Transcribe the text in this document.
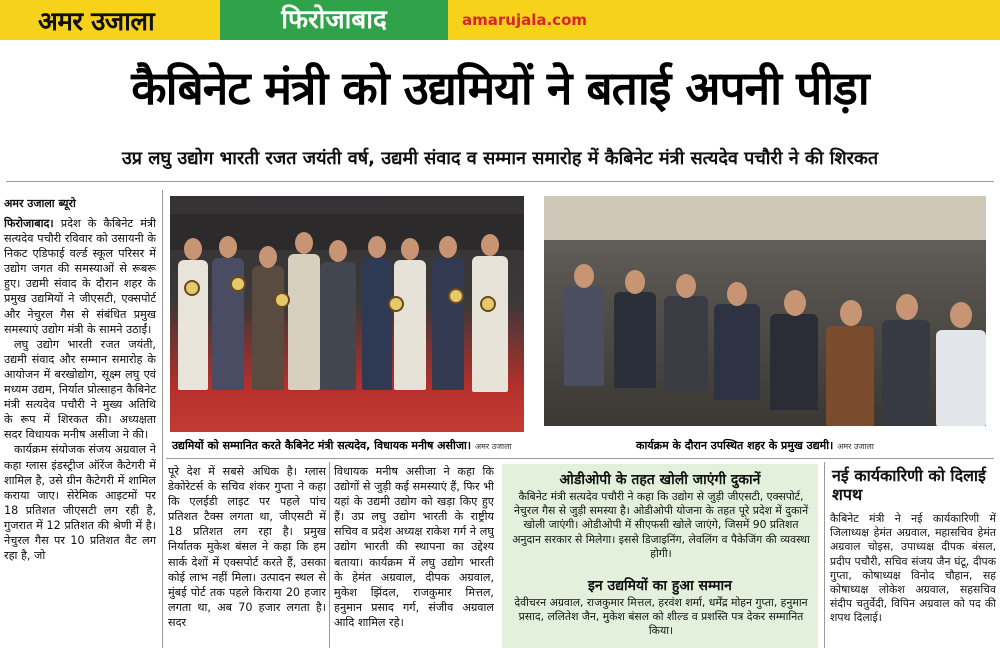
अमर उजाला	फिरोजाबाद	amarujala.com
कैबिनेट मंत्री को उद्यमियों ने बताई अपनी पीड़ा
उप्र लघु उद्योग भारती रजत जयंती वर्ष, उद्यमी संवाद व सम्मान समारोह में कैबिनेट मंत्री सत्यदेव पचौरी ने की शिरकत
अमर उजाला ब्यूरो

फिरोजाबाद। प्रदेश के कैबिनेट मंत्री सत्यदेव पचौरी रविवार को उसायनी के निकट एडिफाई वर्ल्ड स्कूल परिसर में उद्योग जगत की समस्याओं से रूबरू हुए। उद्यमी संवाद के दौरान शहर के प्रमुख उद्यमियों ने जीएसटी, एक्सपोर्ट और नेचुरल गैस से संबंधित प्रमुख समस्याएं उद्योग मंत्री के सामने उठाईं।

लघु उद्योग भारती रजत जयंती, उद्यमी संवाद और सम्मान समारोह के आयोजन में बरखोद्योग, सूक्ष्म लघु एवं मध्यम उद्यम, निर्यात प्रोत्साहन कैबिनेट मंत्री सत्यदेव पचौरी ने मुख्य अतिथि के रूप में शिरकत की। अध्यक्षता सदर विधायक मनीष असीजा ने की।

कार्यक्रम संयोजक संजय अग्रवाल ने कहा ग्लास इंडस्ट्रीज ऑरेंज कैटेगरी में शामिल है, उसे ग्रीन कैटेगरी में शामिल कराया जाए। सेरेमिक आइटमों पर 18 प्रतिशत जीएसटी लग रही है, गुजरात में 12 प्रतिशत की श्रेणी में है। नेचुरल गैस पर 10 प्रतिशत वैट लग रहा है, जो

उद्यमियों को सम्मानित करते कैबिनेट मंत्री सत्यदेव, विधायक मनीष असीजा। अमर उजाला	कार्यक्रम के दौरान उपस्थित शहर के प्रमुख उद्यमी। अमर उजाला
पूरे देश में सबसे अधिक है। ग्लास डेकोरेटर्स के सचिव शंकर गुप्ता ने कहा कि एलईडी लाइट पर पहले पांच प्रतिशत टैक्स लगता था, जीएसटी में 18 प्रतिशत लग रहा है। प्रमुख निर्यातक मुकेश बंसल ने कहा कि हम सार्क देशों में एक्सपोर्ट करते हैं, उसका कोई लाभ नहीं मिला। उत्पादन स्थल से मुंबई पोर्ट तक पहले किराया 20 हजार लगता था, अब 70 हजार लगता है। सदर
विधायक मनीष असीजा ने कहा कि उद्योगों से जुड़ी कई समस्याएं हैं, फिर भी यहां के उद्यमी उद्योग को खड़ा किए हुए हैं। उप्र लघु उद्योग भारती के राष्ट्रीय सचिव व प्रदेश अध्यक्ष राकेश गर्ग ने लघु उद्योग भारती की स्थापना का उद्देश्य बताया। कार्यक्रम में लघु उद्योग भारती के हेमंत अग्रवाल, दीपक अग्रवाल, मुकेश झिंदल, राजकुमार मित्तल, हनुमान प्रसाद गर्ग, संजीव अग्रवाल आदि शामिल रहे।
ओडीओपी के तहत खोली जाएंगी दुकानें
कैबिनेट मंत्री सत्यदेव पचौरी ने कहा कि उद्योग से जुड़ी जीएसटी, एक्सपोर्ट, नेचुरल गैस से जुड़ी समस्या है। ओडीओपी योजना के तहत पूरे प्रदेश में दुकानें खोली जाएंगी। ओडीओपी में सीएफसी खोले जाएंगे, जिसमें 90 प्रतिशत अनुदान सरकार से मिलेगा। इससे डिजाइनिंग, लेवलिंग व पैकेजिंग की व्यवस्था होगी।
इन उद्यमियों का हुआ सम्मान
देवीचरन अग्रवाल, राजकुमार मित्तल, हरवंश शर्मा, धर्मेंद्र मोहन गुप्ता, हनुमान प्रसाद, ललितेश जैन, मुकेश बंसल को शील्ड व प्रशस्ति पत्र देकर सम्मानित किया।
नई कार्यकारिणी को दिलाई शपथ
कैबिनेट मंत्री ने नई कार्यकारिणी में जिलाध्यक्ष हेमंत अग्रवाल, महासचिव हेमंत अग्रवाल चोइस, उपाध्यक्ष दीपक बंसल, प्रदीप पचौरी, सचिव संजय जैन घंटू, दीपक गुप्ता, कोषाध्यक्ष विनोद चौहान, सह कोषाध्यक्ष लोकेश अग्रवाल, सहसचिव संदीप चतुर्वेदी, विपिन अग्रवाल को पद की शपथ दिलाई।
